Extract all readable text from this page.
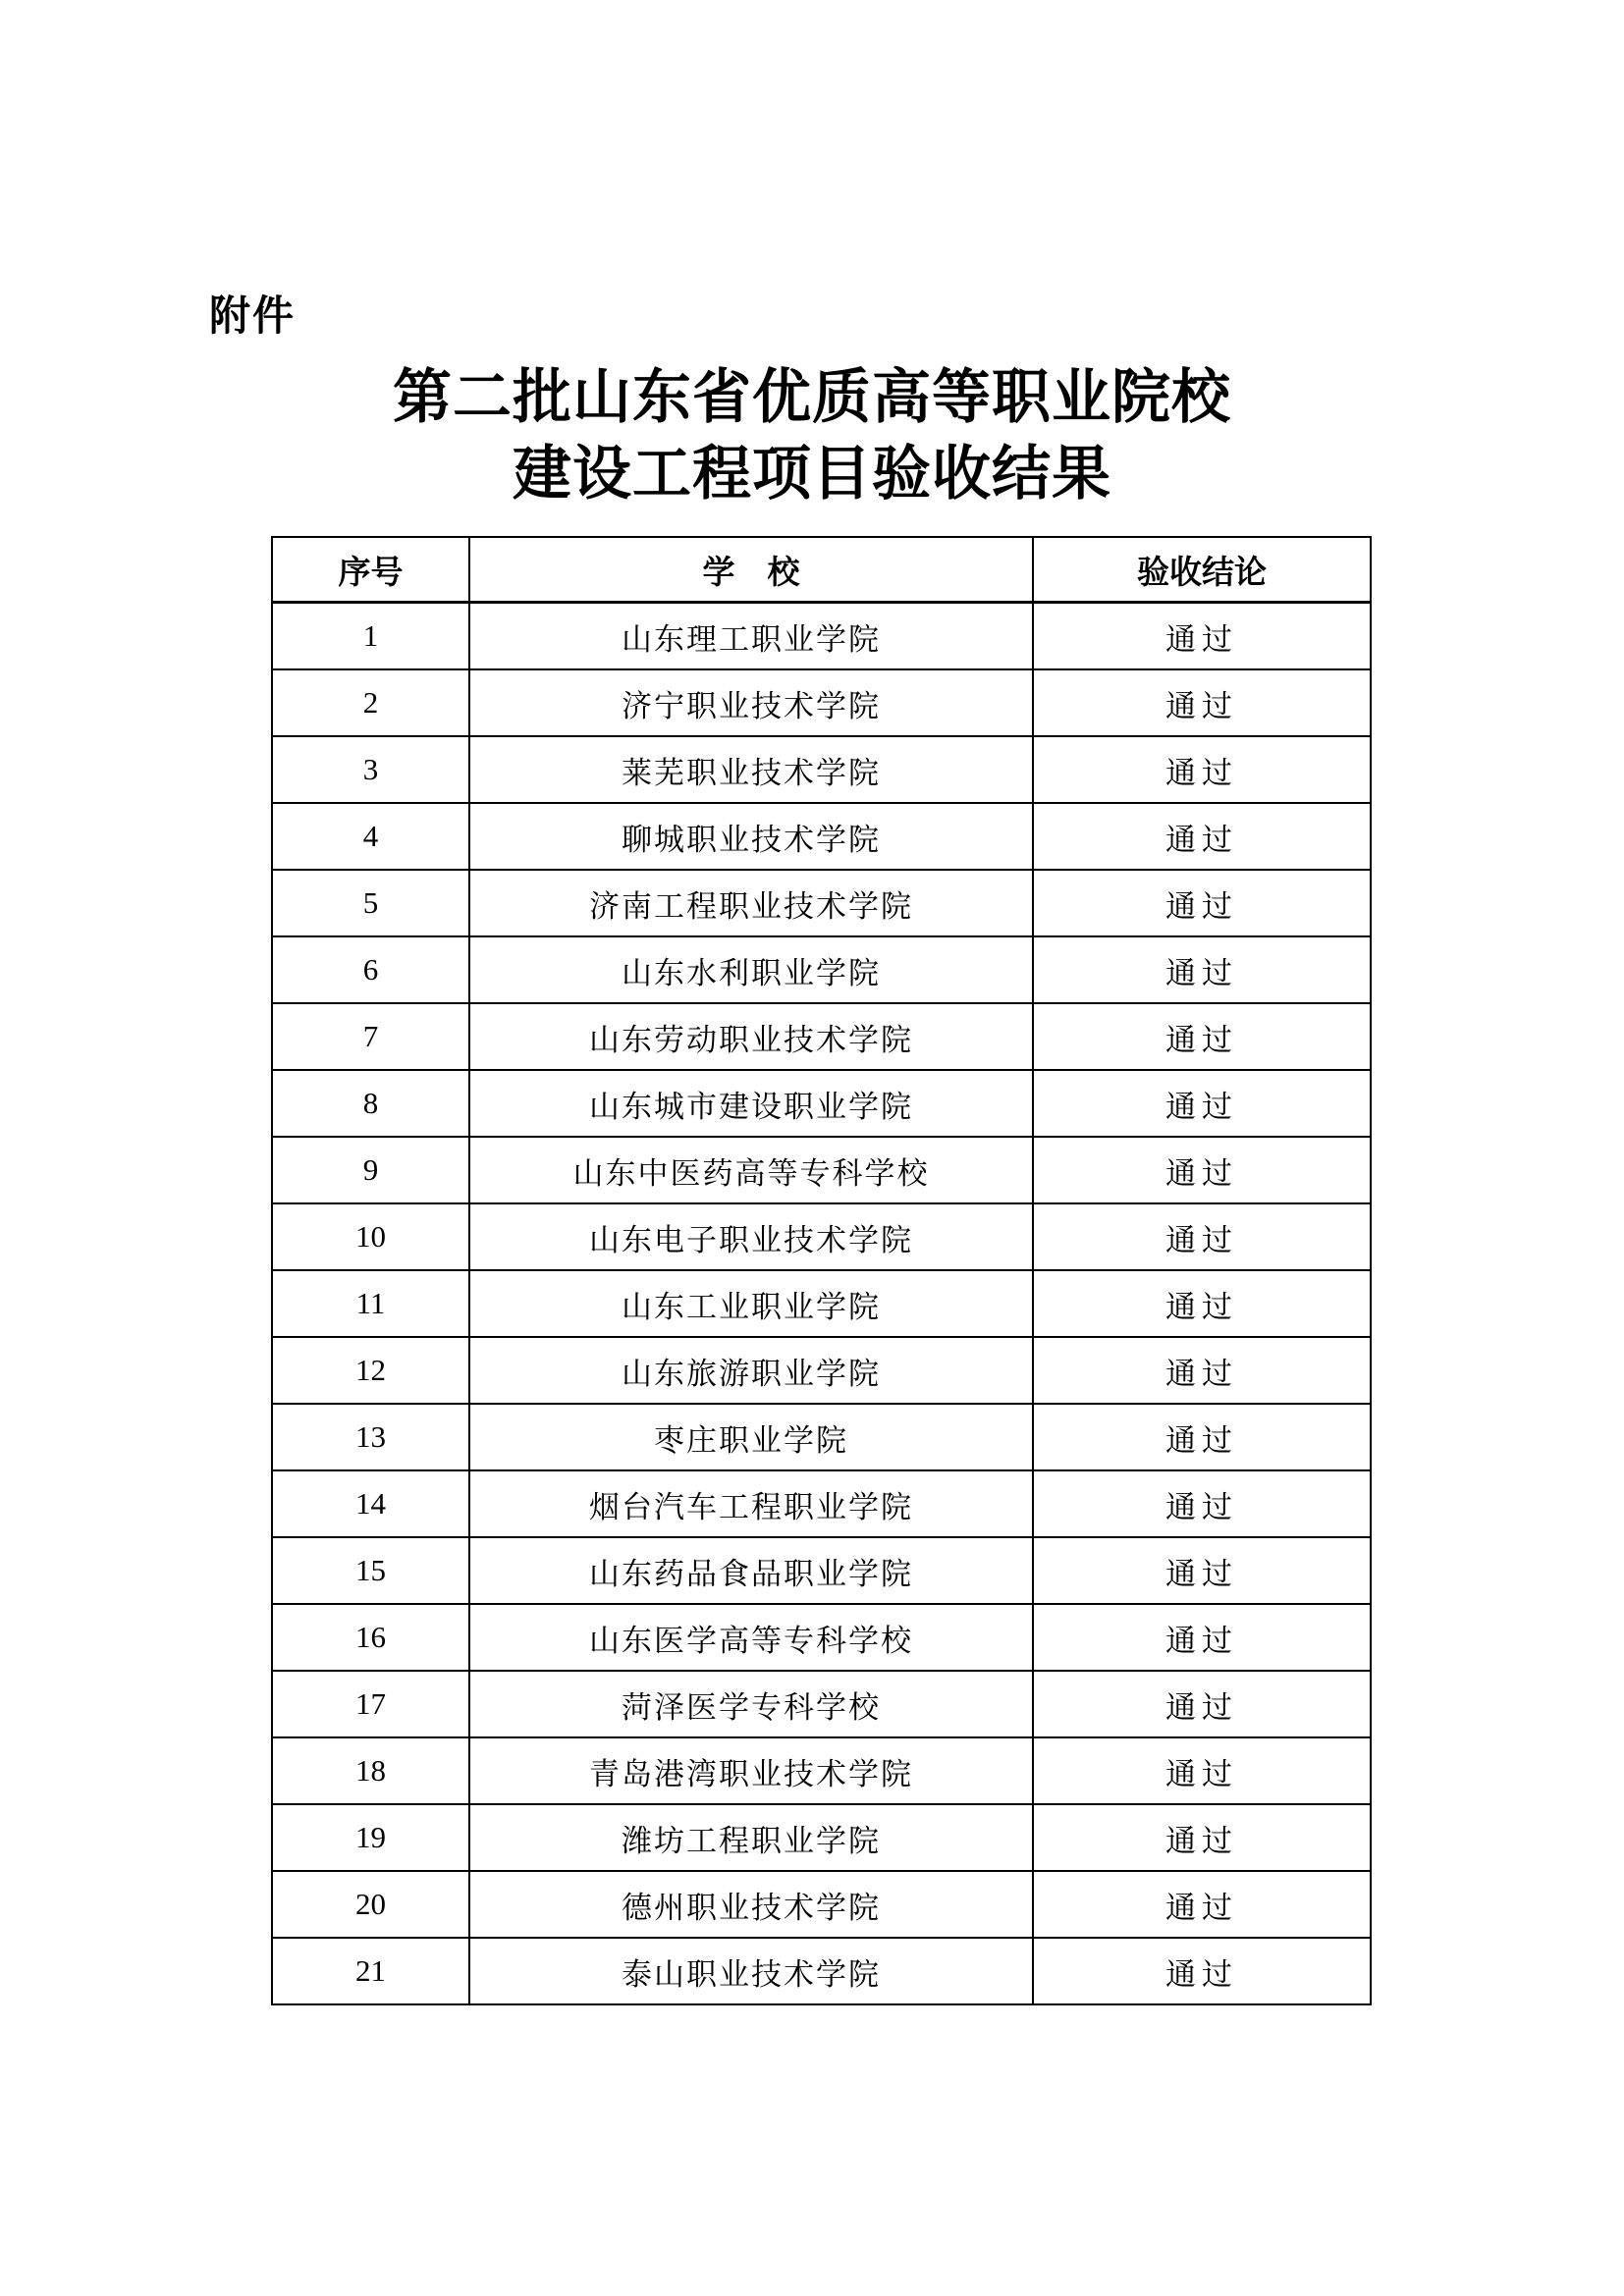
附件
第二批山东省优质高等职业院校
建设工程项目验收结果
序号	学　校	验收结论
1	山东理工职业学院	通过
2	济宁职业技术学院	通过
3	莱芜职业技术学院	通过
4	聊城职业技术学院	通过
5	济南工程职业技术学院	通过
6	山东水利职业学院	通过
7	山东劳动职业技术学院	通过
8	山东城市建设职业学院	通过
9	山东中医药高等专科学校	通过
10	山东电子职业技术学院	通过
11	山东工业职业学院	通过
12	山东旅游职业学院	通过
13	枣庄职业学院	通过
14	烟台汽车工程职业学院	通过
15	山东药品食品职业学院	通过
16	山东医学高等专科学校	通过
17	菏泽医学专科学校	通过
18	青岛港湾职业技术学院	通过
19	潍坊工程职业学院	通过
20	德州职业技术学院	通过
21	泰山职业技术学院	通过
